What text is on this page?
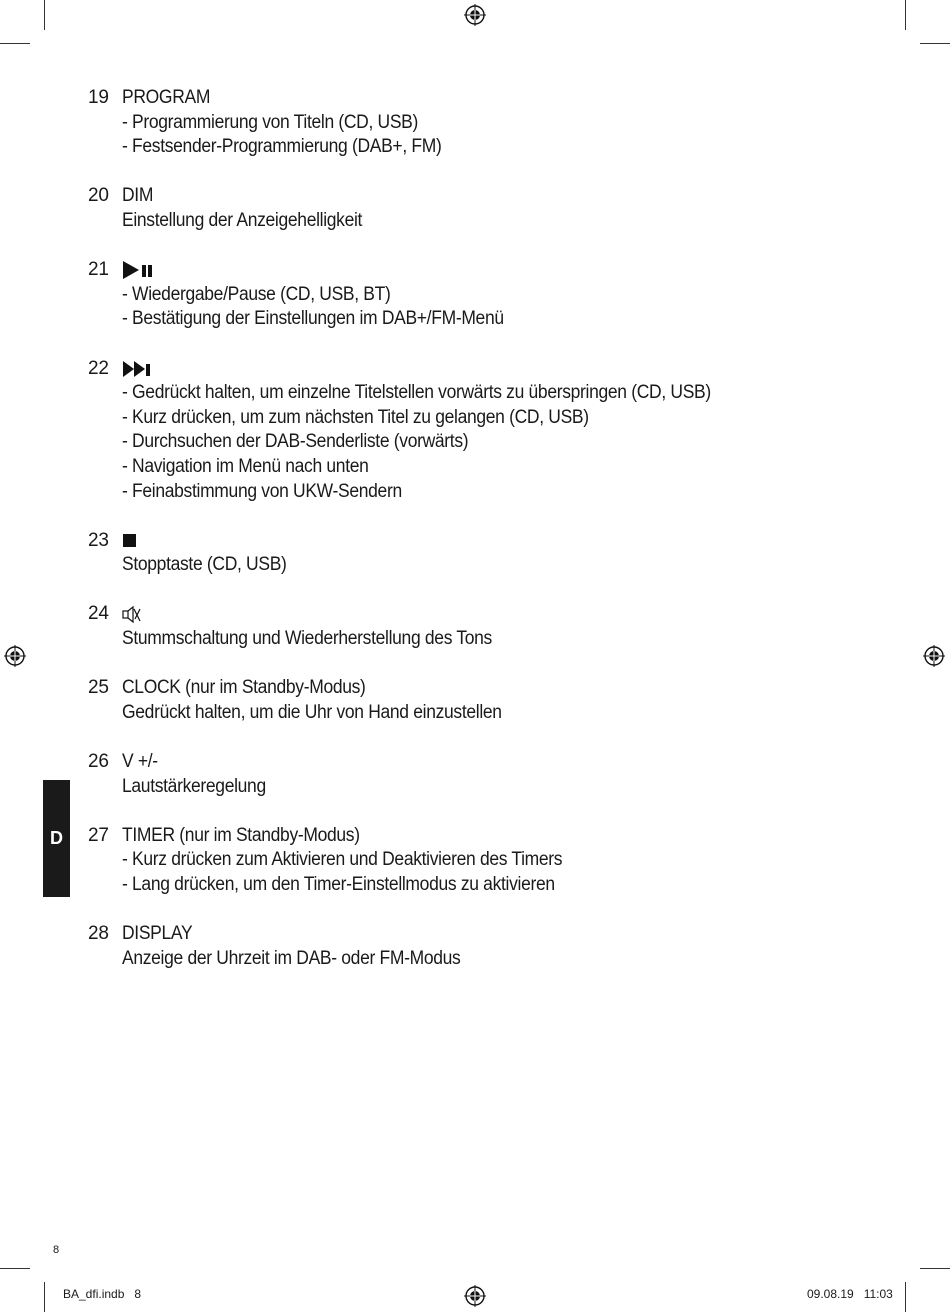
19 PROGRAM
- Programmierung von Titeln (CD, USB)
- Festsender-Programmierung (DAB+, FM)
20 DIM
Einstellung der Anzeigehelligkeit
21
- Wiedergabe/Pause (CD, USB, BT)
- Bestätigung der Einstellungen im DAB+/FM-Menü
22
- Gedrückt halten, um einzelne Titelstellen vorwärts zu überspringen (CD, USB)
- Kurz drücken, um zum nächsten Titel zu gelangen (CD, USB)
- Durchsuchen der DAB-Senderliste (vorwärts)
- Navigation im Menü nach unten
- Feinabstimmung von UKW-Sendern
23
Stopptaste (CD, USB)
24
Stummschaltung und Wiederherstellung des Tons
25 CLOCK (nur im Standby-Modus)
Gedrückt halten, um die Uhr von Hand einzustellen
26 V +/-
Lautstärkeregelung
27 TIMER (nur im Standby-Modus)
- Kurz drücken zum Aktivieren und Deaktivieren des Timers
- Lang drücken, um den Timer-Einstellmodus zu aktivieren
28 DISPLAY
Anzeige der Uhrzeit im DAB- oder FM-Modus
D
8
BA_dfi.indb   8	09.08.19   11:03
